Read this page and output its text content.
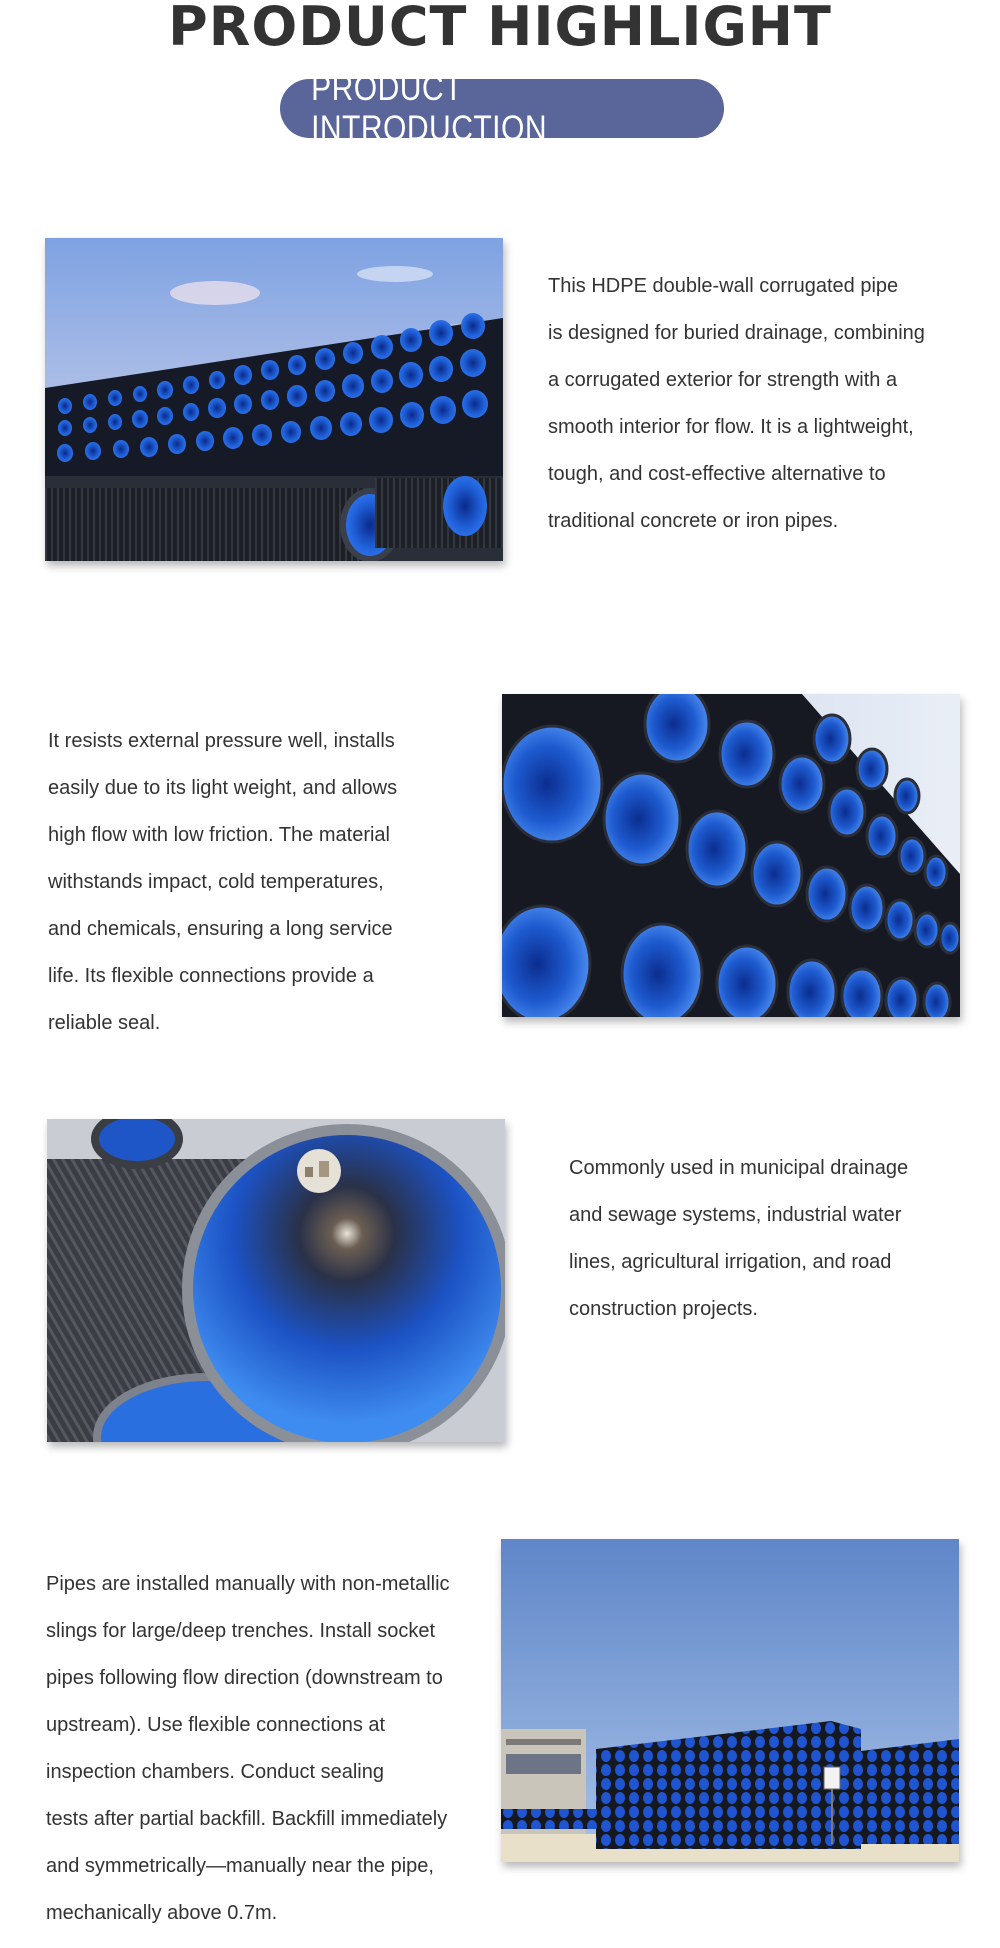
PRODUCT HIGHLIGHT
PRODUCT INTRODUCTION

This HDPE double-wall corrugated pipe
is designed for buried drainage, combining
a corrugated exterior for strength with a
smooth interior for flow. It is a lightweight,
tough, and cost-effective alternative to
traditional concrete or iron pipes.

It resists external pressure well, installs
easily due to its light weight, and allows
high flow with low friction. The material
withstands impact, cold temperatures,
and chemicals, ensuring a long service
life. Its flexible connections provide a
reliable seal.

Commonly used in municipal drainage
and sewage systems, industrial water
lines, agricultural irrigation, and road
construction projects.

Pipes are installed manually with non-metallic
slings for large/deep trenches. Install socket
pipes following flow direction (downstream to
upstream). Use flexible connections at
inspection chambers. Conduct sealing
tests after partial backfill. Backfill immediately
and symmetrically—manually near the pipe,
mechanically above 0.7m.
